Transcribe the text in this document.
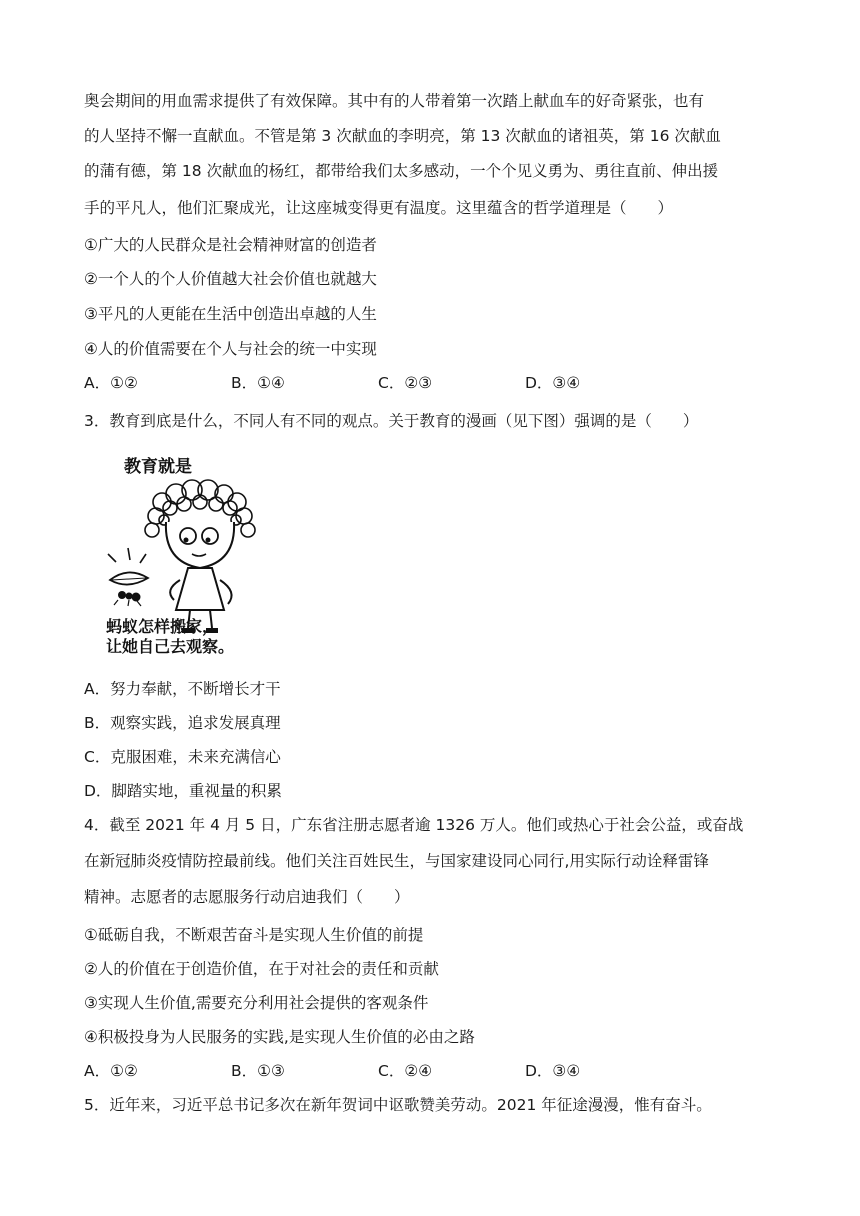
奥会期间的用血需求提供了有效保障。其中有的人带着第一次踏上献血车的好奇紧张，也有
的人坚持不懈一直献血。不管是第 3 次献血的李明亮，第 13 次献血的诸祖英，第 16 次献血
的蒲有德，第 18 次献血的杨红，都带给我们太多感动，一个个见义勇为、勇往直前、伸出援
手的平凡人，他们汇聚成光，让这座城变得更有温度。这里蕴含的哲学道理是（　　）
①广大的人民群众是社会精神财富的创造者
②一个人的个人价值越大社会价值也就越大
③平凡的人更能在生活中创造出卓越的人生
④人的价值需要在个人与社会的统一中实现
A．①②	B．①④	C．②③	D．③④
3．教育到底是什么，不同人有不同的观点。关于教育的漫画（见下图）强调的是（　　）
教育就是
蚂蚁怎样搬家，
让她自己去观察。
A．努力奉献，不断增长才干
B．观察实践，追求发展真理
C．克服困难，未来充满信心
D．脚踏实地，重视量的积累
4．截至 2021 年 4 月 5 日，广东省注册志愿者逾 1326 万人。他们或热心于社会公益，或奋战
在新冠肺炎疫情防控最前线。他们关注百姓民生，与国家建设同心同行,用实际行动诠释雷锋
精神。志愿者的志愿服务行动启迪我们（　　）
①砥砺自我，不断艰苦奋斗是实现人生价值的前提
②人的价值在于创造价值，在于对社会的责任和贡献
③实现人生价值,需要充分利用社会提供的客观条件
④积极投身为人民服务的实践,是实现人生价值的必由之路
A．①②	B．①③	C．②④	D．③④
5．近年来，习近平总书记多次在新年贺词中讴歌赞美劳动。2021 年征途漫漫，惟有奋斗。
